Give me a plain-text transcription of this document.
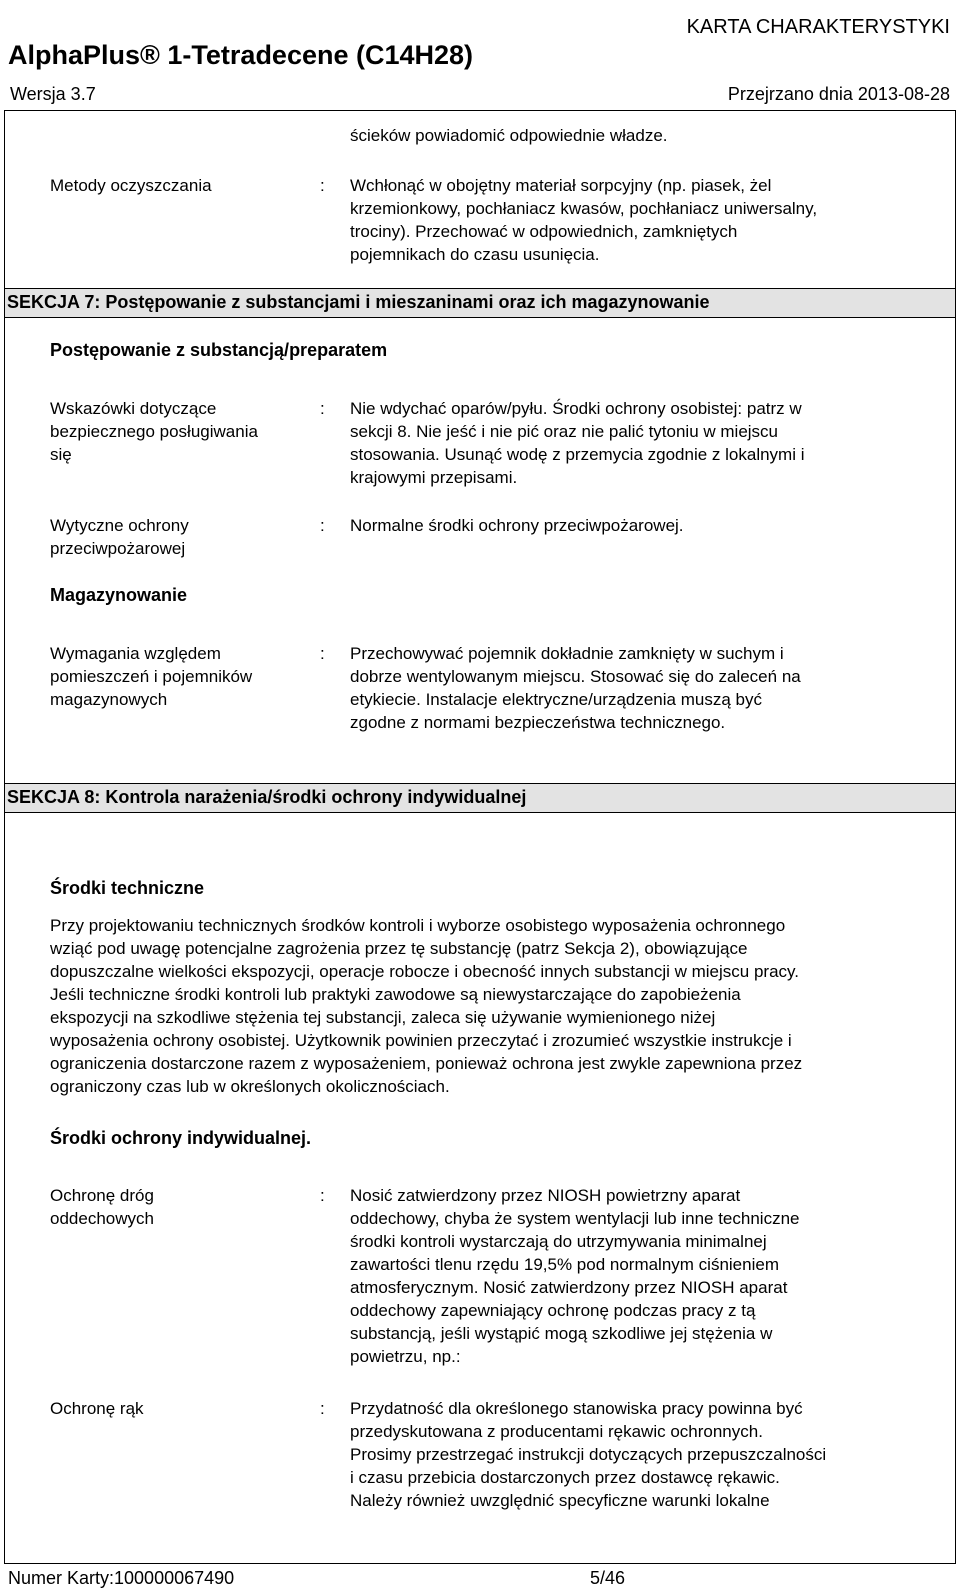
KARTA CHARAKTERYSTYKI
AlphaPlus® 1-Tetradecene (C14H28)
Wersja 3.7	Przejrzano dnia 2013-08-28
ścieków powiadomić odpowiednie władze.
Metody oczyszczania	: Wchłonąć w obojętny materiał sorpcyjny (np. piasek, żel
krzemionkowy, pochłaniacz kwasów, pochłaniacz uniwersalny,
trociny). Przechować w odpowiednich, zamkniętych
pojemnikach do czasu usunięcia.
SEKCJA 7: Postępowanie z substancjami i mieszaninami oraz ich magazynowanie
Postępowanie z substancją/preparatem
Wskazówki dotyczące
bezpiecznego posługiwania
się
: Nie wdychać oparów/pyłu. Środki ochrony osobistej: patrz w
sekcji 8. Nie jeść i nie pić oraz nie palić tytoniu w miejscu
stosowania. Usunąć wodę z przemycia zgodnie z lokalnymi i
krajowymi przepisami.
Wytyczne ochrony
przeciwpożarowej
: Normalne środki ochrony przeciwpożarowej.
Magazynowanie
Wymagania względem
pomieszczeń i pojemników
magazynowych
: Przechowywać pojemnik dokładnie zamknięty w suchym i
dobrze wentylowanym miejscu. Stosować się do zaleceń na
etykiecie. Instalacje elektryczne/urządzenia muszą być
zgodne z normami bezpieczeństwa technicznego.
SEKCJA 8: Kontrola narażenia/środki ochrony indywidualnej
Środki techniczne
Przy projektowaniu technicznych środków kontroli i wyborze osobistego wyposażenia ochronnego
wziąć pod uwagę potencjalne zagrożenia przez tę substancję (patrz Sekcja 2), obowiązujące
dopuszczalne wielkości ekspozycji, operacje robocze i obecność innych substancji w miejscu pracy.
Jeśli techniczne środki kontroli lub praktyki zawodowe są niewystarczające do zapobieżenia
ekspozycji na szkodliwe stężenia tej substancji, zaleca się używanie wymienionego niżej
wyposażenia ochrony osobistej. Użytkownik powinien przeczytać i zrozumieć wszystkie instrukcje i
ograniczenia dostarczone razem z wyposażeniem, ponieważ ochrona jest zwykle zapewniona przez
ograniczony czas lub w określonych okolicznościach.
Środki ochrony indywidualnej.
Ochronę dróg
oddechowych
: Nosić zatwierdzony przez NIOSH powietrzny aparat
oddechowy, chyba że system wentylacji lub inne techniczne
środki kontroli wystarczają do utrzymywania minimalnej
zawartości tlenu rzędu 19,5% pod normalnym ciśnieniem
atmosferycznym. Nosić zatwierdzony przez NIOSH aparat
oddechowy zapewniający ochronę podczas pracy z tą
substancją, jeśli wystąpić mogą szkodliwe jej stężenia w
powietrzu, np.:
Ochronę rąk	: Przydatność dla określonego stanowiska pracy powinna być
przedyskutowana z producentami rękawic ochronnych.
Prosimy przestrzegać instrukcji dotyczących przepuszczalności
i czasu przebicia dostarczonych przez dostawcę rękawic.
Należy również uwzględnić specyficzne warunki lokalne
Numer Karty:100000067490	5/46
